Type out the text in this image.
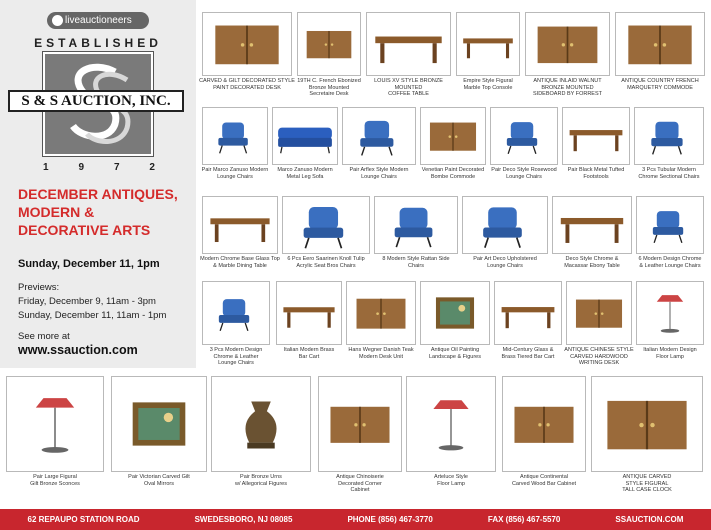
liveauctioneers
ESTABLISHED
S & S AUCTION, INC.
1	9	7	2
DECEMBER ANTIQUES,
MODERN &
DECORATIVE ARTS
Sunday, December 11, 1pm
Previews:
Friday, December 9, 11am - 3pm
Sunday, December 11, 11am - 1pm
See more at
www.ssauction.com
CARVED & GILT DECORATED STYLE
PAINT DECORATED DESK
19TH C. French Ebonized
Bronze Mounted
Secretaire Desk
LOUIS XV STYLE BRONZE MOUNTED
COFFEE TABLE
Empire Style Figural
Marble Top Console
ANTIQUE INLAID WALNUT
BRONZE MOUNTED
SIDEBOARD BY FORREST
ANTIQUE COUNTRY FRENCH
MARQUETRY COMMODE
Pair Marco Zanuso Modern
Lounge Chairs
Marco Zanuso Modern
Metal Leg Sofa
Pair Arflex Style Modern
Lounge Chairs
Venetian Paint Decorated
Bombe Commode
Pair Deco Style Rosewood
Lounge Chairs
Pair Black Metal Tufted
Footstools
3 Pcs Tubular Modern
Chrome Sectional Chairs
Modern Chrome Base Glass Top
& Marble Dining Table
6 Pcs Eero Saarinen Knoll Tulip
Acrylic Seat Bros Chairs
8 Modern Style Rattan Side
Chairs
Pair Art Deco Upholstered
Lounge Chairs
Deco Style Chrome &
Macassar Ebony Table
6 Modern Design Chrome
& Leather Lounge Chairs
3 Pcs Modern Design
Chrome & Leather
Lounge Chairs
Italian Modern Brass
Bar Cart
Hans Wegner Danish Teak
Modern Desk Unit
Antique Oil Painting
Landscape & Figures
Mid-Century Glass &
Brass Tiered Bar Cart
ANTIQUE CHINESE STYLE
CARVED HARDWOOD
WRITING DESK
Italian Modern Design
Floor Lamp
Pair Large Figural
Gilt Bronze Sconces
Pair Victorian Carved Gilt
Oval Mirrors
Pair Bronze Urns
w/ Allegorical Figures
Antique Chinoiserie
Decorated Corner
Cabinet
Arteluce Style
Floor Lamp
Antique Continental
Carved Wood Bar Cabinet
ANTIQUE CARVED
STYLE FIGURAL
TALL CASE CLOCK
62 REPAUPO STATION ROAD	SWEDESBORO, NJ 08085	PHONE (856) 467-3770	FAX (856) 467-5570	SSAUCTION.COM
